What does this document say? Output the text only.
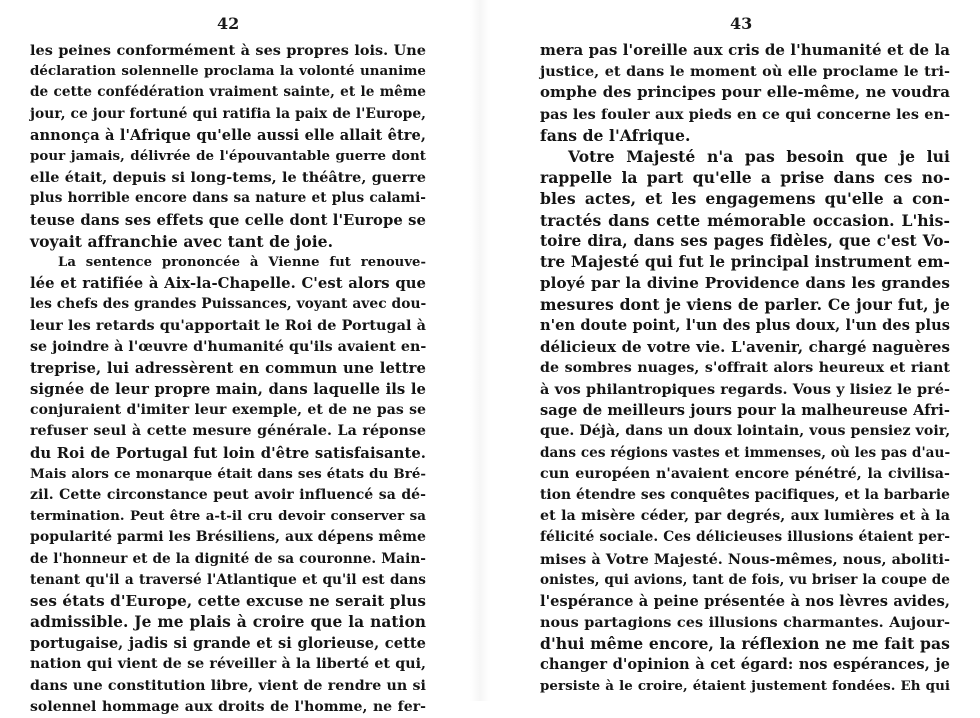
42
les peines conformément à ses propres lois. Une
déclaration solennelle proclama la volonté unanime
de cette confédération vraiment sainte, et le même
jour, ce jour fortuné qui ratifia la paix de l'Europe,
annonça à l'Afrique qu'elle aussi elle allait être,
pour jamais, délivrée de l'épouvantable guerre dont
elle était, depuis si long-tems, le théâtre, guerre
plus horrible encore dans sa nature et plus calami-
teuse dans ses effets que celle dont l'Europe se
voyait affranchie avec tant de joie.
La sentence prononcée à Vienne fut renouve-
lée et ratifiée à Aix-la-Chapelle. C'est alors que
les chefs des grandes Puissances, voyant avec dou-
leur les retards qu'apportait le Roi de Portugal à
se joindre à l'œuvre d'humanité qu'ils avaient en-
treprise, lui adressèrent en commun une lettre
signée de leur propre main, dans laquelle ils le
conjuraient d'imiter leur exemple, et de ne pas se
refuser seul à cette mesure générale. La réponse
du Roi de Portugal fut loin d'être satisfaisante.
Mais alors ce monarque était dans ses états du Bré-
zil. Cette circonstance peut avoir influencé sa dé-
termination. Peut être a-t-il cru devoir conserver sa
popularité parmi les Brésiliens, aux dépens même
de l'honneur et de la dignité de sa couronne. Main-
tenant qu'il a traversé l'Atlantique et qu'il est dans
ses états d'Europe, cette excuse ne serait plus
admissible. Je me plais à croire que la nation
portugaise, jadis si grande et si glorieuse, cette
nation qui vient de se réveiller à la liberté et qui,
dans une constitution libre, vient de rendre un si
solennel hommage aux droits de l'homme, ne fer-
43
mera pas l'oreille aux cris de l'humanité et de la
justice, et dans le moment où elle proclame le tri-
omphe des principes pour elle-même, ne voudra
pas les fouler aux pieds en ce qui concerne les en-
fans de l'Afrique.
Votre Majesté n'a pas besoin que je lui
rappelle la part qu'elle a prise dans ces no-
bles actes, et les engagemens qu'elle a con-
tractés dans cette mémorable occasion. L'his-
toire dira, dans ses pages fidèles, que c'est Vo-
tre Majesté qui fut le principal instrument em-
ployé par la divine Providence dans les grandes
mesures dont je viens de parler. Ce jour fut, je
n'en doute point, l'un des plus doux, l'un des plus
délicieux de votre vie. L'avenir, chargé naguères
de sombres nuages, s'offrait alors heureux et riant
à vos philantropiques regards. Vous y lisiez le pré-
sage de meilleurs jours pour la malheureuse Afri-
que. Déjà, dans un doux lointain, vous pensiez voir,
dans ces régions vastes et immenses, où les pas d'au-
cun européen n'avaient encore pénétré, la civilisa-
tion étendre ses conquêtes pacifiques, et la barbarie
et la misère céder, par degrés, aux lumières et à la
félicité sociale. Ces délicieuses illusions étaient per-
mises à Votre Majesté. Nous-mêmes, nous, aboliti-
onistes, qui avions, tant de fois, vu briser la coupe de
l'espérance à peine présentée à nos lèvres avides,
nous partagions ces illusions charmantes. Aujour-
d'hui même encore, la réflexion ne me fait pas
changer d'opinion à cet égard: nos espérances, je
persiste à le croire, étaient justement fondées. Eh qui
